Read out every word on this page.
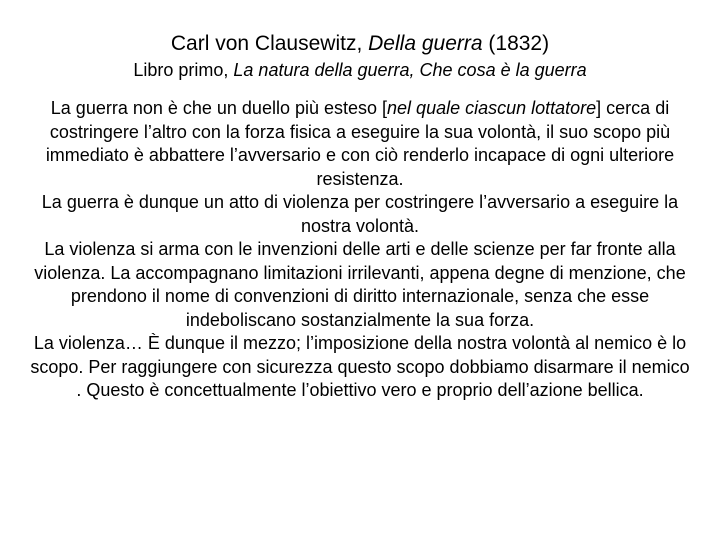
Carl von Clausewitz, Della guerra (1832)
Libro primo, La natura della guerra, Che cosa è la guerra

La guerra non è che un duello più esteso [nel quale ciascun lottatore] cerca di costringere l’altro con la forza fisica a eseguire la sua volontà, il suo scopo più immediato è abbattere l’avversario e con ciò renderlo incapace di ogni ulteriore resistenza.

La guerra è dunque un atto di violenza per costringere l’avversario a eseguire la nostra volontà.

La violenza si arma con le invenzioni delle arti e delle scienze per far fronte alla violenza. La accompagnano limitazioni irrilevanti, appena degne di menzione, che prendono il nome di convenzioni di diritto internazionale, senza che esse indeboliscano sostanzialmente la sua forza.

La violenza… È dunque il mezzo; l’imposizione della nostra volontà al nemico è lo scopo. Per raggiungere con sicurezza questo scopo dobbiamo disarmare il nemico . Questo è concettualmente l’obiettivo vero e proprio dell’azione bellica.
